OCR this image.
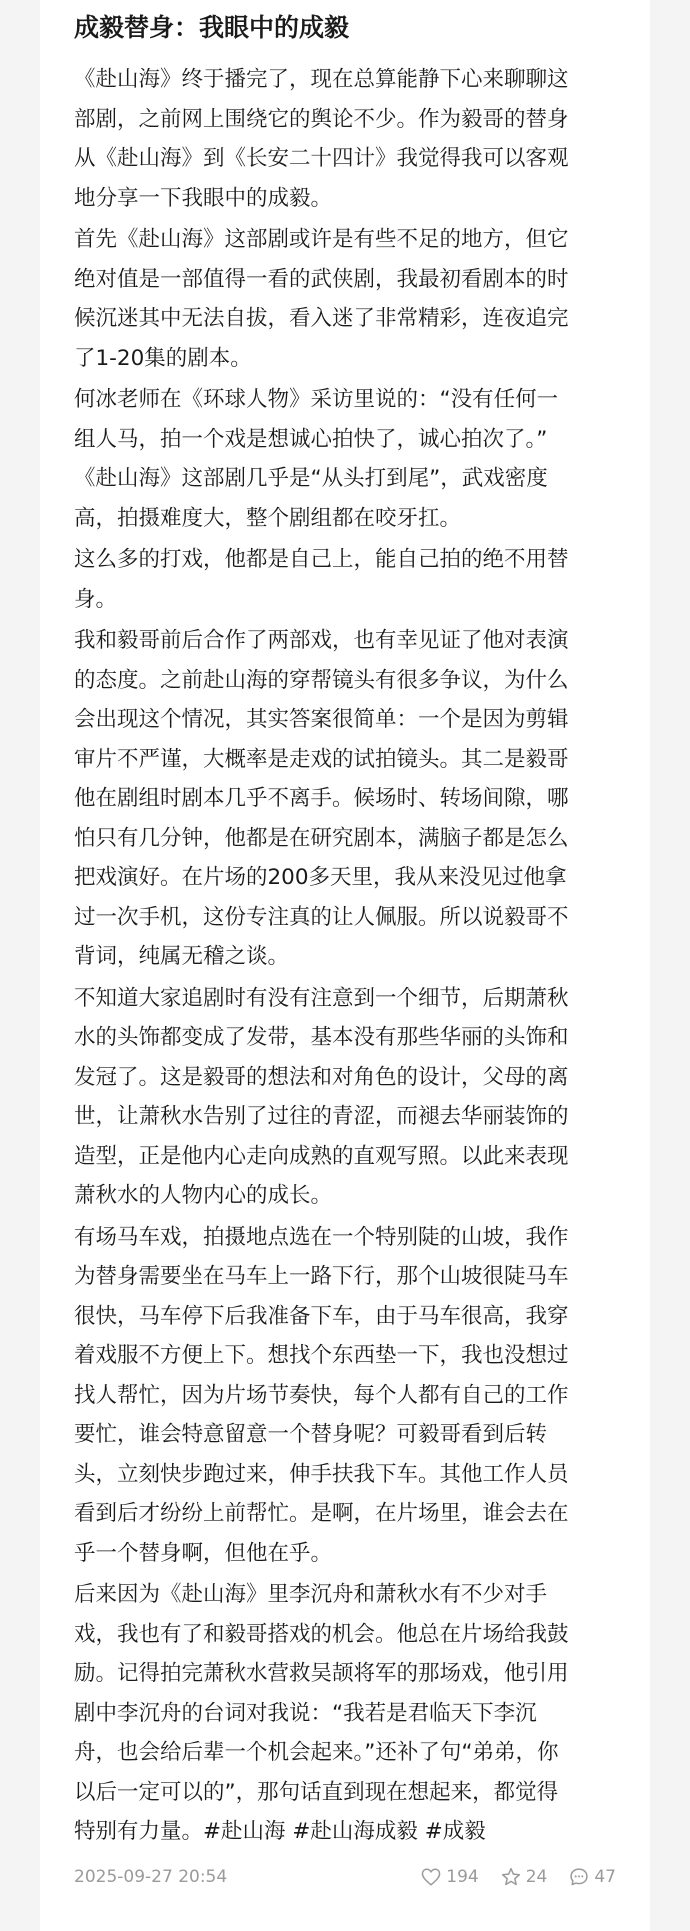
成毅替身：我眼中的成毅
《赴山海》终于播完了，现在总算能静下心来聊聊这
部剧，之前网上围绕它的舆论不少。作为毅哥的替身
从《赴山海》到《长安二十四计》我觉得我可以客观
地分享一下我眼中的成毅。
首先《赴山海》这部剧或许是有些不足的地方，但它
绝对值是一部值得一看的武侠剧，我最初看剧本的时
候沉迷其中无法自拔，看入迷了非常精彩，连夜追完
了1-20集的剧本。
何冰老师在《环球人物》采访里说的：“没有任何一
组人马，拍一个戏是想诚心拍快了，诚心拍次了。”
《赴山海》这部剧几乎是“从头打到尾”，武戏密度
高，拍摄难度大，整个剧组都在咬牙扛。
这么多的打戏，他都是自己上，能自己拍的绝不用替
身。
我和毅哥前后合作了两部戏，也有幸见证了他对表演
的态度。之前赴山海的穿帮镜头有很多争议，为什么
会出现这个情况，其实答案很简单：一个是因为剪辑
审片不严谨，大概率是走戏的试拍镜头。其二是毅哥
他在剧组时剧本几乎不离手。候场时、转场间隙，哪
怕只有几分钟，他都是在研究剧本，满脑子都是怎么
把戏演好。在片场的200多天里，我从来没见过他拿
过一次手机，这份专注真的让人佩服。所以说毅哥不
背词，纯属无稽之谈。
不知道大家追剧时有没有注意到一个细节，后期萧秋
水的头饰都变成了发带，基本没有那些华丽的头饰和
发冠了。这是毅哥的想法和对角色的设计，父母的离
世，让萧秋水告别了过往的青涩，而褪去华丽装饰的
造型，正是他内心走向成熟的直观写照。以此来表现
萧秋水的人物内心的成长。
有场马车戏，拍摄地点选在一个特别陡的山坡，我作
为替身需要坐在马车上一路下行，那个山坡很陡马车
很快，马车停下后我准备下车，由于马车很高，我穿
着戏服不方便上下。想找个东西垫一下，我也没想过
找人帮忙，因为片场节奏快，每个人都有自己的工作
要忙，谁会特意留意一个替身呢？可毅哥看到后转
头，立刻快步跑过来，伸手扶我下车。其他工作人员
看到后才纷纷上前帮忙。是啊，在片场里，谁会去在
乎一个替身啊，但他在乎。
后来因为《赴山海》里李沉舟和萧秋水有不少对手
戏，我也有了和毅哥搭戏的机会。他总在片场给我鼓
励。记得拍完萧秋水营救吴颉将军的那场戏，他引用
剧中李沉舟的台词对我说：“我若是君临天下李沉
舟，也会给后辈一个机会起来。”还补了句“弟弟，你
以后一定可以的”，那句话直到现在想起来，都觉得
特别有力量。#赴山海 #赴山海成毅 #成毅
2025-09-27 20:54	194	24	47
